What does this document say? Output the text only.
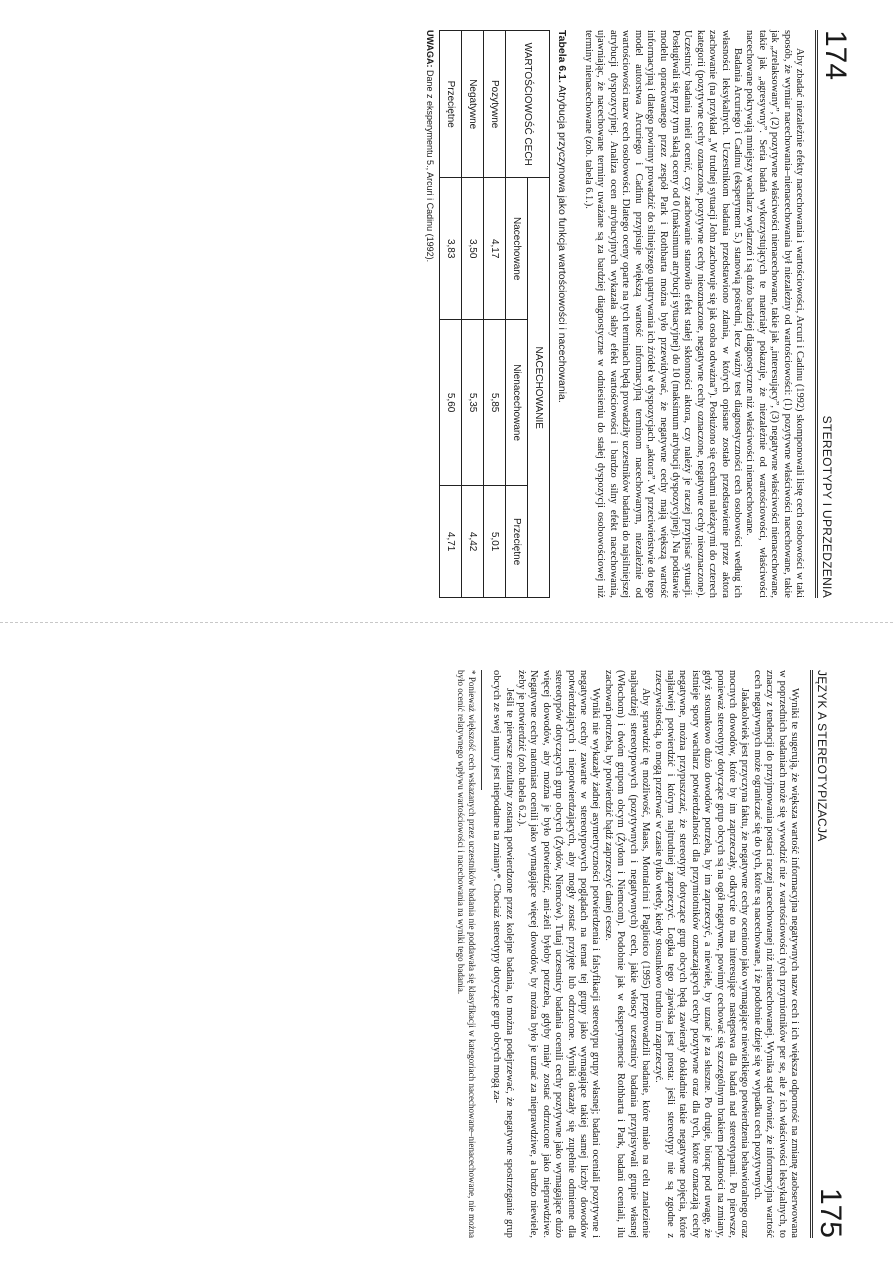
174
STEREOTYPY I UPRZEDZENIA

Aby zbadać niezależnie efekty nacechowania i wartościowości, Arcuri i Cadinu (1992) skomponowali listę cech osobowości w taki sposób, że wymiar nacechowania–nienacechowania był niezależny od wartościowości: (1) pozytywne właściwości nacechowane, takie jak „zrelaksowany”, (2) pozytywne właściwości nienacechowane, takie jak „interesujący”, (3) negatywne właściwości nienacechowane, takie jak „agresywny”. Seria badań wykorzystujących te materiały pokazuje, że niezależnie od wartościowości, właściwości nacechowane pokrywają mniejszy wachlarz wydarzeń i są dużo bardziej diagnostyczne niż właściwości nienacechowane.

Badania Arcuriego i Cadinu (eksperyment 5.) stanowią pośredni, lecz ważny test diagnostyczności cech osobowości według ich własności leksykalnych. Uczestnikom badania przedstawiono zdania, w których opisane zostało przedstawienie przez aktora zachowanie (na przykład „W trudnej sytuacji John zachowuje się jak osoba odważna”). Posłużono się cechami należącymi do czterech kategorii (pozytywne cechy oznaczone, pozytywne cechy nieoznaczone, negatywne cechy oznaczone, negatywne cechy nieoznaczone). Uczestnicy badania mieli ocenić, czy zachowanie stanowiło efekt stałej skłonności aktora, czy należy je raczej przypisać sytuacji. Posługiwali się przy tym skalą oceny od 0 (maksimum atrybucji sytuacyjnej) do 10 (maksimum atrybucji dyspozycyjnej). Na podstawie modelu opracowanego przez zespół Park i Rothbarta można było przewidywać, że negatywne cechy mają większą wartość informacyjną i dlatego powinny prowadzić do silniejszego upatrywania ich źródeł w dyspozycjach „aktora”. W przeciwieństwie do tego model autorstwa Arcuriego i Cadinu przypisuje większą wartość informacyjną terminom nacechowanym, niezależnie od wartościowości nazw cech osobowości. Dlatego oceny oparte na tych terminach będą prowadziły uczestników badania do najsilniejszej atrybucji dyspozycyjnej. Analiza ocen atrybucyjnych wykazała słaby efekt wartościowości i bardzo silny efekt nacechowania, ujawniając, że nacechowane terminy uważane są za bardziej diagnostyczne w odniesieniu do stałej dyspozycji osobowościowej niż terminy nienacechowane (zob. tabela 6.1.).

Tabela 6.1. Atrybucja przyczynowa jako funkcja wartościowości i nacechowania.
WARTOŚCIOWOŚĆ CECH	NACECHOWANIE		
	Nacechowane	Nienacechowane	Przeciętne
Pozytywne	4,17	5,85	5,01
Negatywne	3,50	5,35	4,42
Przeciętne	3,83	5,60	4,71
UWAGA: Dane z eksperymentu 5., Arcuri i Cadinu (1992).
JĘZYK A STEREOTYPIZACJA
175

Wyniki te sugerują, że większa wartość informacyjna negatywnych nazw cech i ich większa odporność na zmianę zaobserwowana w poprzednich badaniach może się wywodzić nie z wartościowości tych przymiotników per se, ale z ich właściwości leksykalnych, to znaczy z tendencji do przyjmowania postaci raczej nacechowanej niż nienacechowanej. Wynika stąd również, że informacyjna wartość cech negatywnych może ograniczać się do tych, które są nacechowane, i że podobnie dzieje się w wypadku cech pozytywnych.

Jakakolwiek jest przyczyna faktu, że negatywne cechy oceniono jako wymagające niewielkiego potwierdzenia behawioralnego oraz mocnych dowodów, które by im zaprzeczały, odkrycie to ma interesujące następstwa dla badań nad stereotypami. Po pierwsze, ponieważ stereotypy dotyczące grup obcych są na ogół negatywne, powinny cechować się szczególnym brakiem podatności na zmiany, gdyż stosunkowo dużo dowodów potrzeba, by im zaprzeczyć, a niewiele, by uznać je za słuszne. Po drugie, biorąc pod uwagę, że istnieje spory wachlarz potwierdzalności dla przymiotników oznaczających cechy pozytywne oraz dla tych, które oznaczają cechy negatywne, można przypuszczać, że stereotypy dotyczące grup obcych będą zawierały dokładnie takie negatywne pojęcia, które najłatwiej potwierdzić i którym najtrudniej zaprzeczyć. Logika tego zjawiska jest prosta: jeśli stereotypy nie są zgodne z rzeczywistością, to mogą przetrwać w czasie tylko wtedy, kiedy stosunkowo trudno im zaprzeczyć.

Aby sprawdzić tę możliwość, Maass, Montalcini i Pagliotico (1995) przeprowadzili badanie, które miało na celu znalezienie najbardziej stereotypowych (pozytywnych i negatywnych) cech, jakie włoscy uczestnicy badania przypisywali grupie własnej (Włochom) i dwóm grupom obcym (Żydom i Niemcom). Podobnie jak w eksperymencie Rothbarta i Park, badani oceniali, ilu zachowań potrzeba, by potwierdzić bądź zaprzeczyć danej cesze.

Wyniki nie wykazały żadnej asymetryczności potwierdzenia i falsyfikacji stereotypu grupy własnej; badani oceniali pozytywne i negatywne cechy zawarte w stereotypowych poglądach na temat tej grupy jako wymagające takiej samej liczby dowodów potwierdzających i niepotwierdzających, aby mogły zostać przyjęte lub odrzucone. Wyniki okazały się zupełnie odmienne dla stereotypów dotyczących grup obcych (Żydów, Niemców). Tutaj uczestnicy badania ocenili cechy pozytywne jako wymagające dużo więcej dowodów, aby można je było potwierdzić, ani-żeli byłoby potrzeba, gdyby miały zostać odrzucone jako nieprawdziwe. Negatywne cechy natomiast ocenili jako wymagające więcej dowodów, by można było je uznać za nieprawdziwe, a bardzo niewiele, żeby je potwierdzić (zob. tabela 6.2.).

Jeśli te pierwsze rezultaty zostaną potwierdzone przez kolejne badania, to można podejrzewać, że negatywne spostrzeganie grup obcych ze swej natury jest niepodatne na zmiany*. Chociaż stereotypy dotyczące grup obcych mogą za-

* Ponieważ większość cech wskazanych przez uczestników badania nie poddawała się klasyfikacji w kategoriach nacechowane–nienacechowane, nie można było ocenić relatywnego wpływu wartościowości i nacechowania na wyniki tego badania.
